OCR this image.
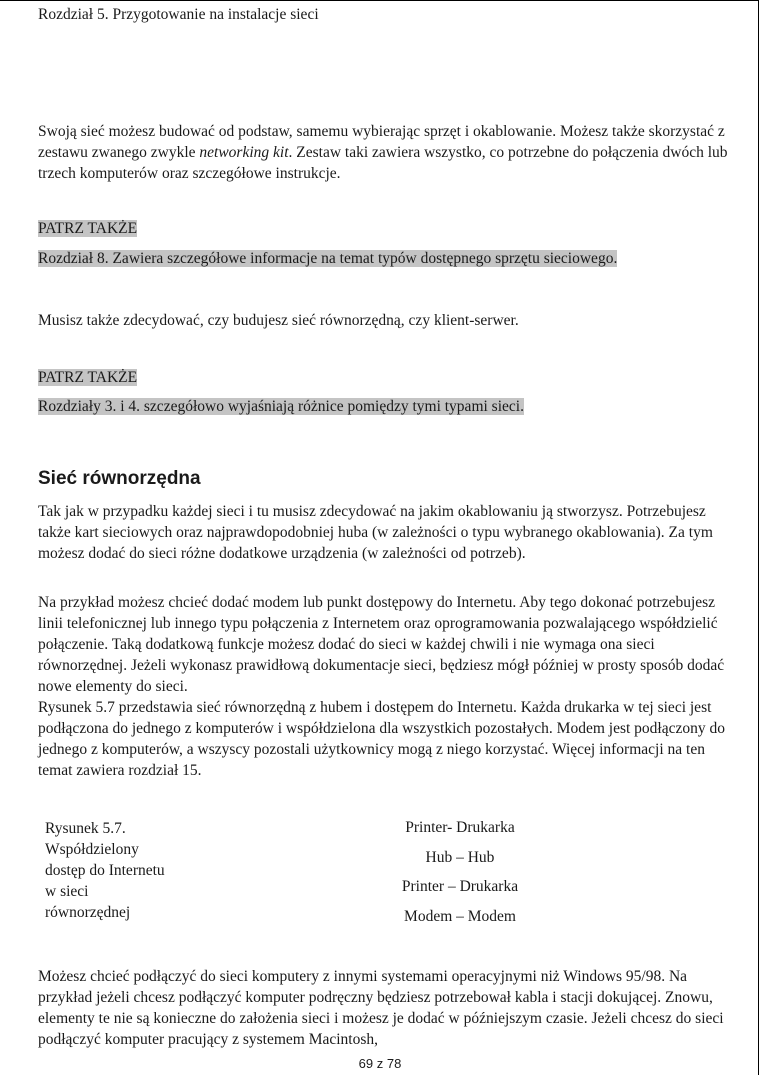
Rozdział 5. Przygotowanie na instalacje sieci

Swoją sieć możesz budować od podstaw, samemu wybierając sprzęt i okablowanie. Możesz także skorzystać z zestawu zwanego zwykle networking kit. Zestaw taki zawiera wszystko, co potrzebne do połączenia dwóch lub trzech komputerów oraz szczegółowe instrukcje.

PATRZ TAKŻE
Rozdział 8. Zawiera szczegółowe informacje na temat typów dostępnego sprzętu sieciowego.

Musisz także zdecydować, czy budujesz sieć równorzędną, czy klient-serwer.

PATRZ TAKŻE
Rozdziały 3. i 4. szczegółowo wyjaśniają różnice pomiędzy tymi typami sieci.
Sieć równorzędna

Tak jak w przypadku każdej sieci i tu musisz zdecydować na jakim okablowaniu ją stworzysz. Potrzebujesz także kart sieciowych oraz najprawdopodobniej huba (w zależności o typu wybranego okablowania). Za tym możesz dodać do sieci różne dodatkowe urządzenia (w zależności od potrzeb).

Na przykład możesz chcieć dodać modem lub punkt dostępowy do Internetu. Aby tego dokonać potrzebujesz linii telefonicznej lub innego typu połączenia z Internetem oraz oprogramowania pozwalającego współdzielić połączenie. Taką dodatkową funkcje możesz dodać do sieci w każdej chwili i nie wymaga ona sieci równorzędnej. Jeżeli wykonasz prawidłową dokumentacje sieci, będziesz mógł później w prosty sposób dodać nowe elementy do sieci.

Rysunek 5.7 przedstawia sieć równorzędną z hubem i dostępem do Internetu. Każda drukarka w tej sieci jest podłączona do jednego z komputerów i współdzielona dla wszystkich pozostałych. Modem jest podłączony do jednego z komputerów, a wszyscy pozostali użytkownicy mogą z niego korzystać. Więcej informacji na ten temat zawiera rozdział 15.

Rysunek 5.7. Współdzielony dostęp do Internetu w sieci równorzędnej

Printer- Drukarka
Hub – Hub
Printer – Drukarka
Modem – Modem

Możesz chcieć podłączyć do sieci komputery z innymi systemami operacyjnymi niż Windows 95/98. Na przykład jeżeli chcesz podłączyć komputer podręczny będziesz potrzebował kabla i stacji dokującej. Znowu, elementy te nie są konieczne do założenia sieci i możesz je dodać w późniejszym czasie. Jeżeli chcesz do sieci podłączyć komputer pracujący z systemem Macintosh,

69 z 78
